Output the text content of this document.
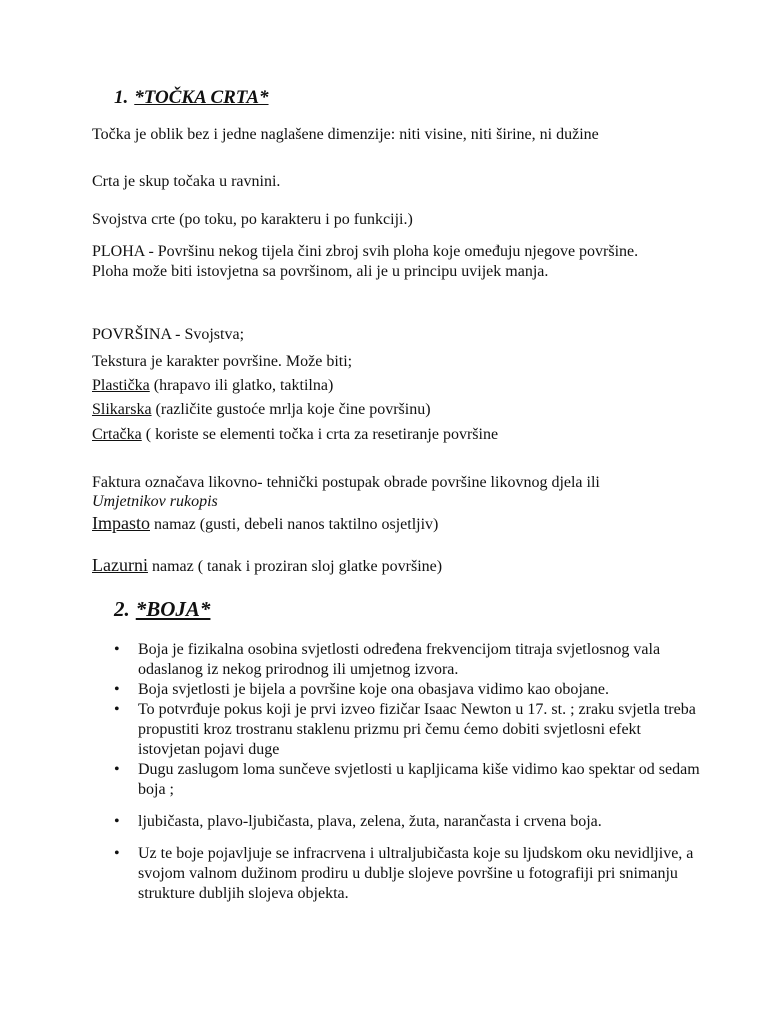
1. *TOČKA CRTA*

Točka je oblik bez i jedne naglašene dimenzije: niti visine, niti širine, ni dužine

Crta je skup točaka u ravnini.

Svojstva crte (po toku, po karakteru i po funkciji.)

PLOHA - Površinu nekog tijela čini zbroj svih ploha koje omeđuju njegove površine. Ploha može biti istovjetna sa površinom, ali je u principu uvijek manja.

POVRŠINA - Svojstva;

Tekstura je karakter površine. Može biti;

Plastička (hrapavo ili glatko, taktilna)

Slikarska (različite gustoće mrlja koje čine površinu)

Crtačka ( koriste se elementi točka i crta za resetiranje površine

Faktura označava likovno- tehnički postupak obrade površine likovnog djela ili

Umjetnikov rukopis

Impasto namaz (gusti, debeli nanos taktilno osjetljiv)

Lazurni namaz ( tanak i proziran sloj glatke površine)

2. *BOJA*
• Boja je fizikalna osobina svjetlosti određena frekvencijom titraja svjetlosnog vala odaslanog iz nekog prirodnog ili umjetnog izvora.
• Boja svjetlosti je bijela a površine koje ona obasjava vidimo kao obojane.
• To potvrđuje pokus koji je prvi izveo fizičar Isaac Newton u 17. st. ; zraku svjetla treba propustiti kroz trostranu staklenu prizmu pri čemu ćemo dobiti svjetlosni efekt istovjetan pojavi duge
• Dugu zaslugom loma sunčeve svjetlosti u kapljicama kiše vidimo kao spektar od sedam boja ;
• ljubičasta, plavo-ljubičasta, plava, zelena, žuta, narančasta i crvena boja.
• Uz te boje pojavljuje se infracrvena i ultraljubičasta koje su ljudskom oku nevidljive, a svojom valnom dužinom prodiru u dublje slojeve površine u fotografiji pri snimanju strukture dubljih slojeva objekta.
